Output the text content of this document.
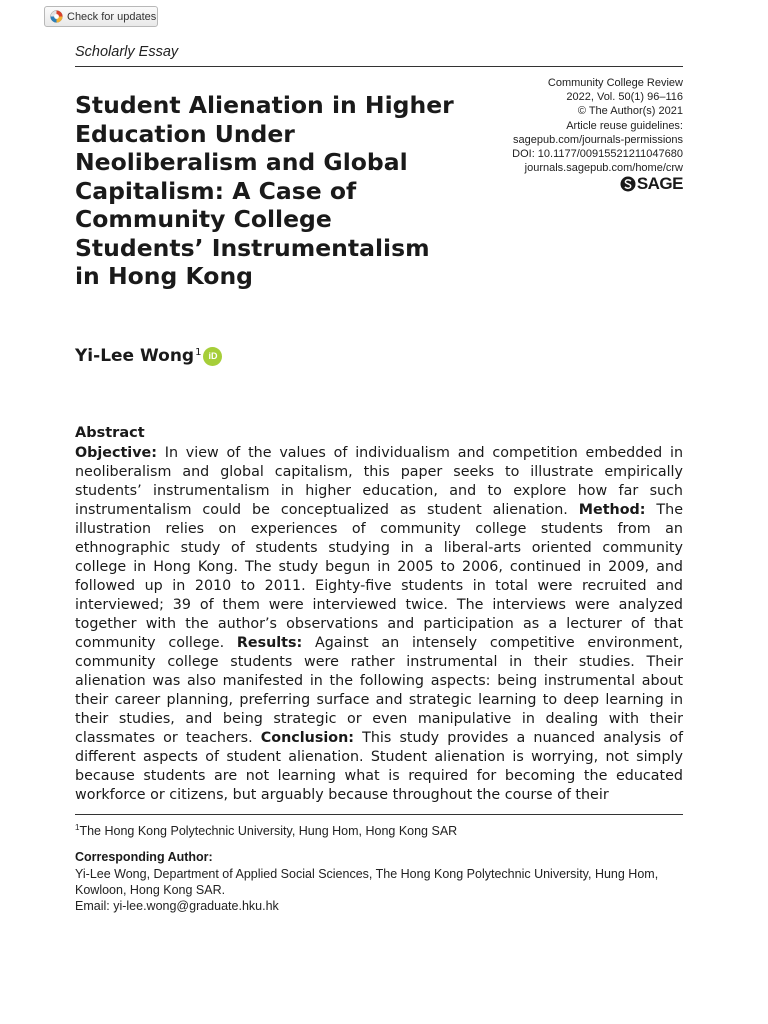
Check for updates
Scholarly Essay
Student Alienation in Higher Education Under Neoliberalism and Global Capitalism: A Case of Community College Students’ Instrumentalism in Hong Kong
Community College Review
2022, Vol. 50(1) 96–116
© The Author(s) 2021
Article reuse guidelines:
sagepub.com/journals-permissions
DOI: 10.1177/00915521211047680
journals.sagepub.com/home/crw
SAGE
Yi-Lee Wong 1 iD
Abstract

Objective: In view of the values of individualism and competition embedded in neoliberalism and global capitalism, this paper seeks to illustrate empirically students’ instrumentalism in higher education, and to explore how far such instrumentalism could be conceptualized as student alienation. Method: The illustration relies on experiences of community college students from an ethnographic study of students studying in a liberal-arts oriented community college in Hong Kong. The study begun in 2005 to 2006, continued in 2009, and followed up in 2010 to 2011. Eighty-five students in total were recruited and interviewed; 39 of them were interviewed twice. The interviews were analyzed together with the author’s observations and participation as a lecturer of that community college. Results: Against an intensely competitive environment, community college students were rather instrumental in their studies. Their alienation was also manifested in the following aspects: being instrumental about their career planning, preferring surface and strategic learning to deep learning in their studies, and being strategic or even manipulative in dealing with their classmates or teachers. Conclusion: This study provides a nuanced analysis of different aspects of student alienation. Student alienation is worrying, not simply because students are not learning what is required for becoming the educated workforce or citizens, but arguably because throughout the course of their

$^1$The Hong Kong Polytechnic University, Hung Hom, Hong Kong SAR
Corresponding Author:
Yi-Lee Wong, Department of Applied Social Sciences, The Hong Kong Polytechnic University, Hung Hom, Kowloon, Hong Kong SAR.
Email: yi-lee.wong@graduate.hku.hk
